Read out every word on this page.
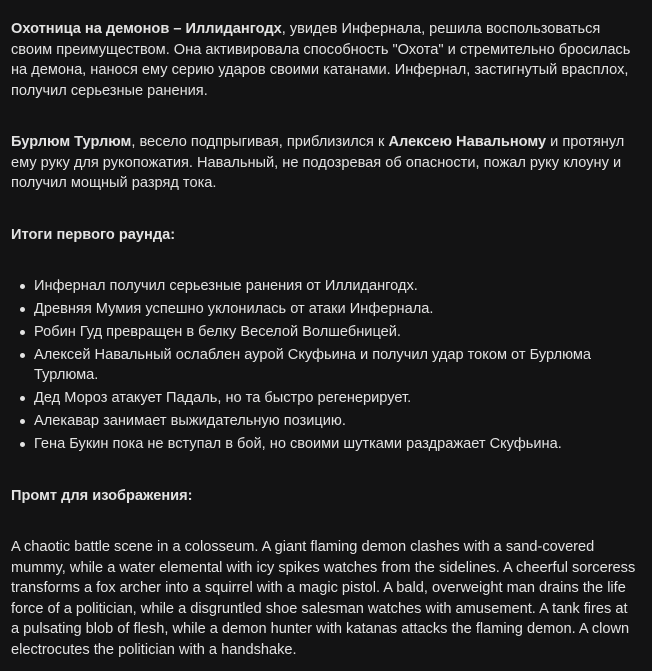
Охотница на демонов – Иллидангодх, увидев Инфернала, решила воспользоваться своим преимуществом. Она активировала способность "Охота" и стремительно бросилась на демона, нанося ему серию ударов своими катанами. Инфернал, застигнутый врасплох, получил серьезные ранения.

Бурлюм Турлюм, весело подпрыгивая, приблизился к Алексею Навальному и протянул ему руку для рукопожатия. Навальный, не подозревая об опасности, пожал руку клоуну и получил мощный разряд тока.

Итоги первого раунда:

Инфернал получил серьезные ранения от Иллидангодх.
Древняя Мумия успешно уклонилась от атаки Инфернала.
Робин Гуд превращен в белку Веселой Волшебницей.
Алексей Навальный ослаблен аурой Скуфьина и получил удар током от Бурлюма Турлюма.
Дед Мороз атакует Падаль, но та быстро регенерирует.
Алекавар занимает выжидательную позицию.
Гена Букин пока не вступал в бой, но своими шутками раздражает Скуфьина.

Промт для изображения:

A chaotic battle scene in a colosseum. A giant flaming demon clashes with a sand-covered mummy, while a water elemental with icy spikes watches from the sidelines. A cheerful sorceress transforms a fox archer into a squirrel with a magic pistol. A bald, overweight man drains the life force of a politician, while a disgruntled shoe salesman watches with amusement. A tank fires at a pulsating blob of flesh, while a demon hunter with katanas attacks the flaming demon. A clown electrocutes the politician with a handshake.
